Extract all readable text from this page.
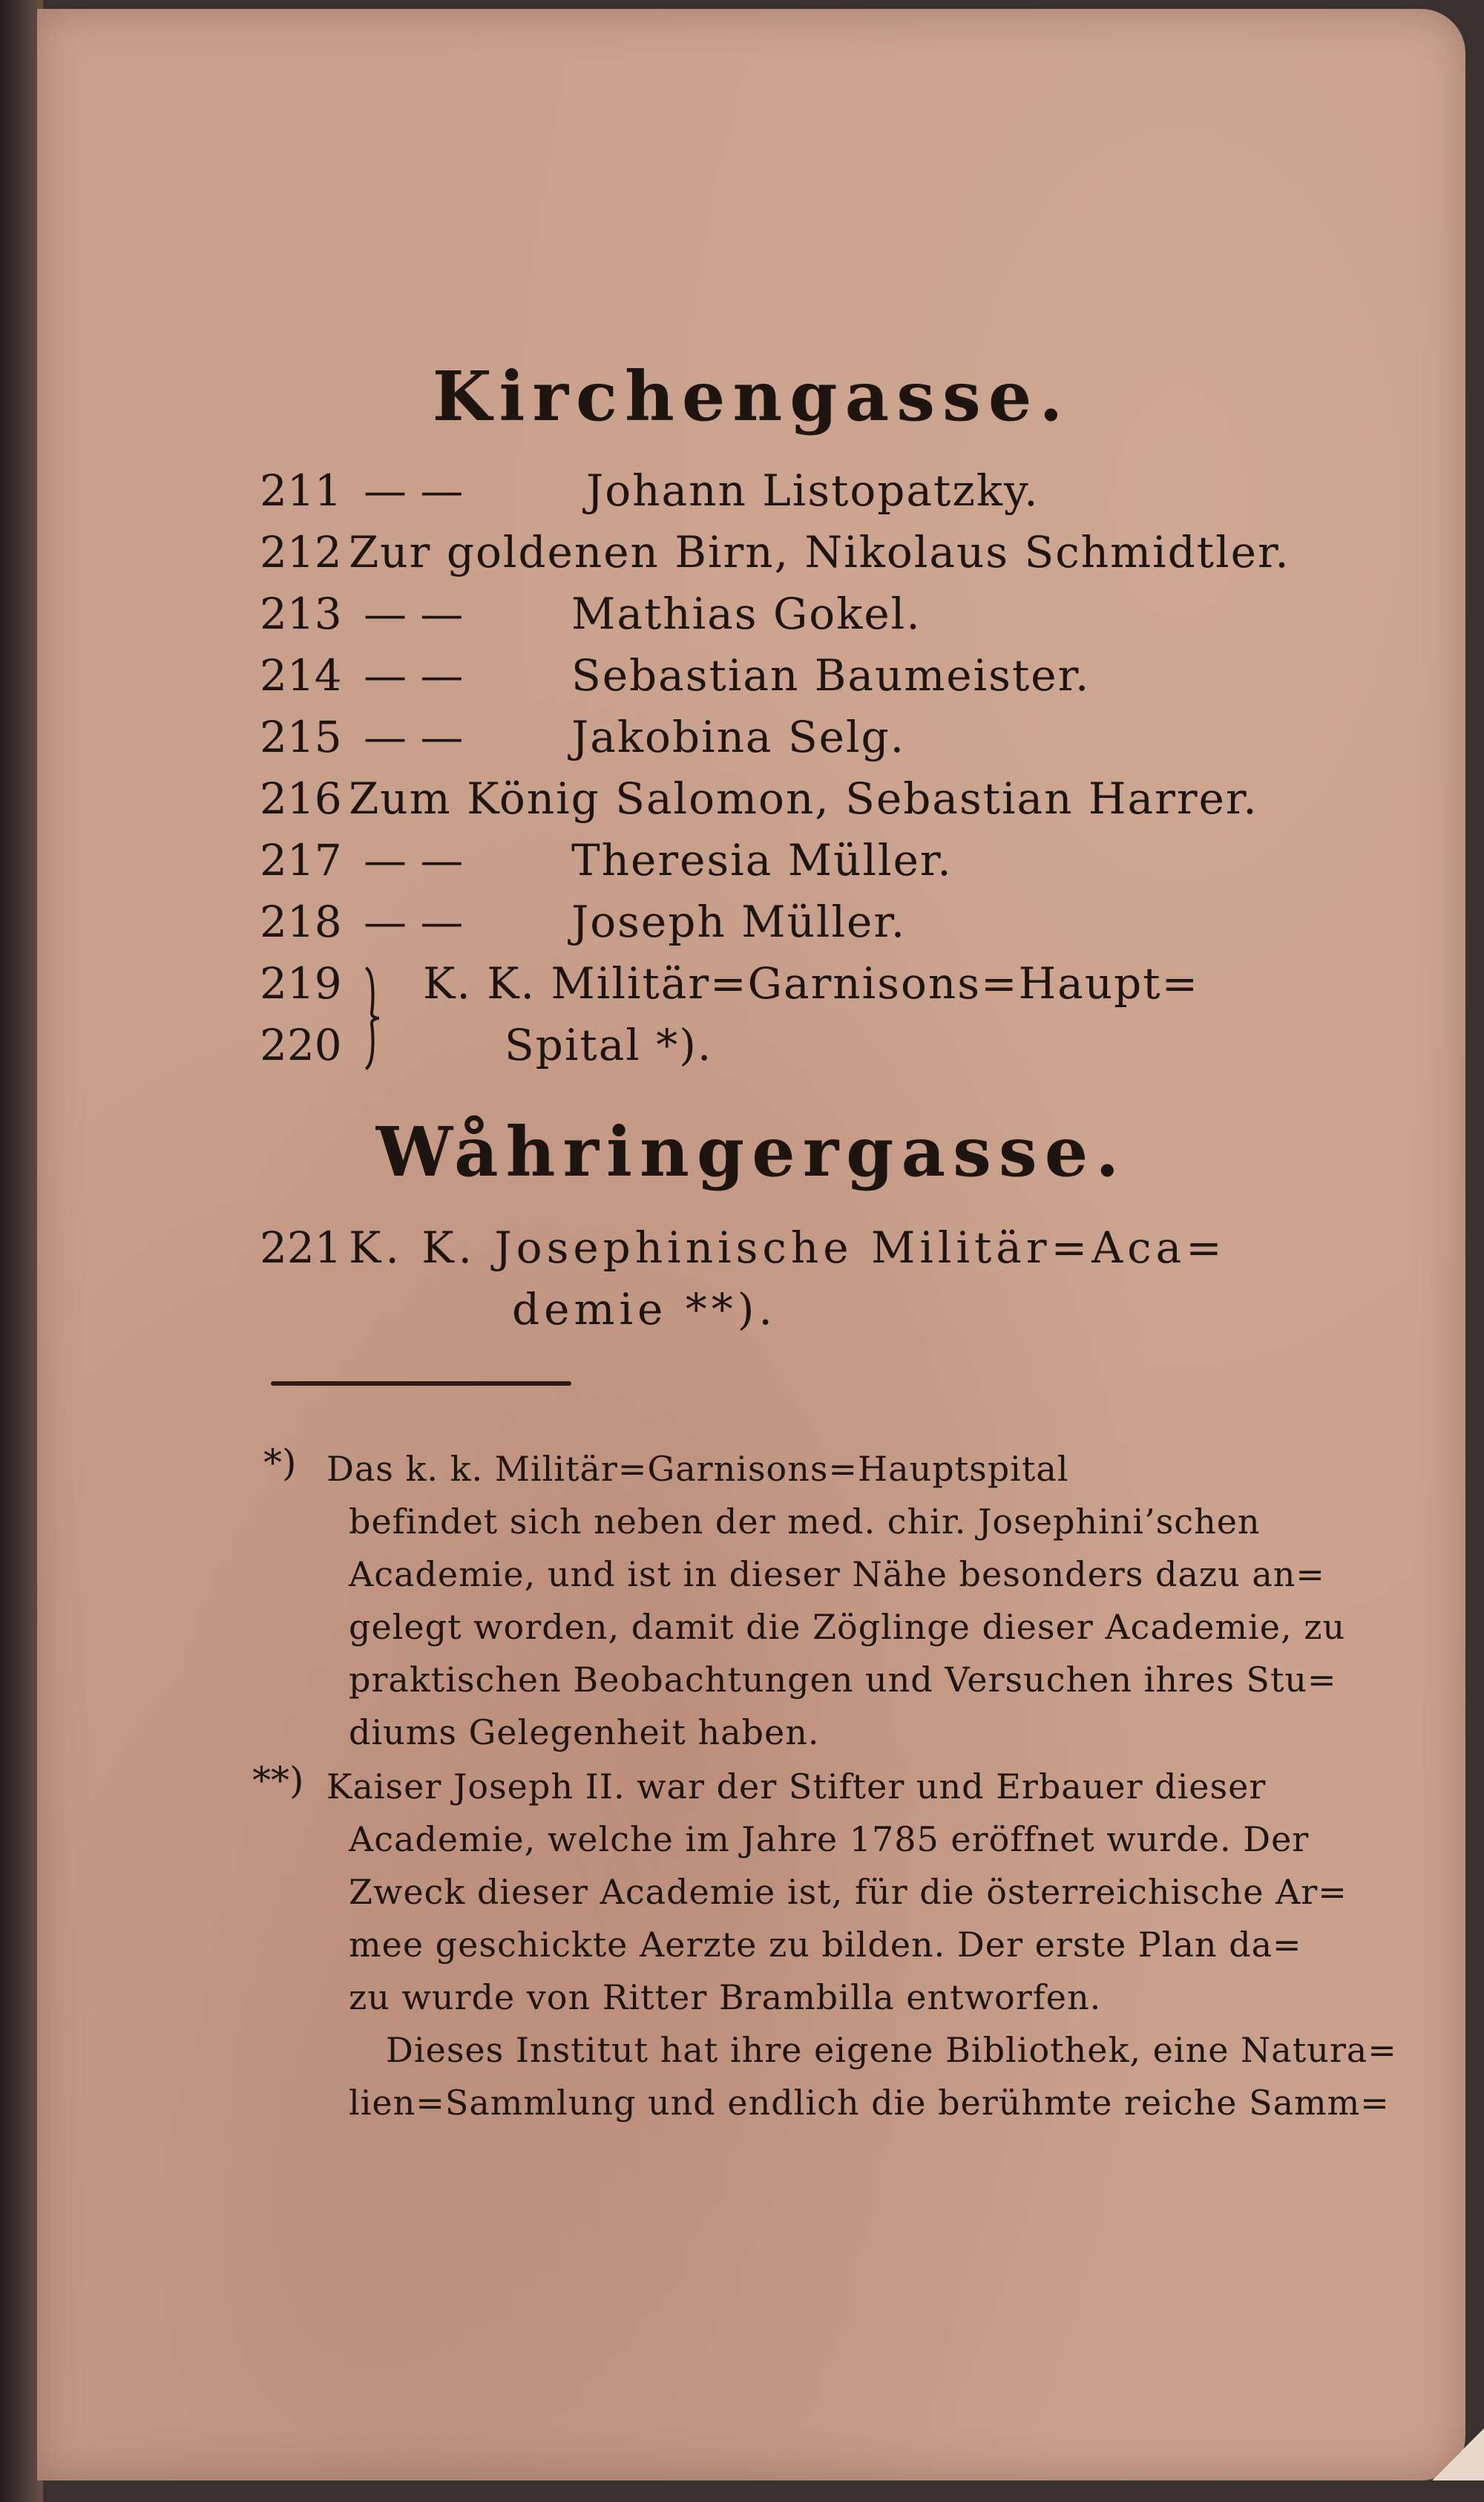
Kirchengasse.
211 — —	Johann Listopatzky.
212 Zur goldenen Birn, Nikolaus Schmidtler.
213 — —	Mathias Gokel.
214 — —	Sebastian Baumeister.
215 — —	Jakobina Selg.
216 Zum König Salomon, Sebastian Harrer.
217 — —	Theresia Müller.
218 — —	Joseph Müller.
219 K. K. Militär=Garnisons=Haupt=
220	Spital *).
Wåhringergasse.
221 K. K. Josephinische Militär=Aca=
demie **).
*) Das k. k. Militär=Garnisons=Hauptspital
befindet sich neben der med. chir. Josephini’schen
Academie, und ist in dieser Nähe besonders dazu an=
gelegt worden, damit die Zöglinge dieser Academie, zu
praktischen Beobachtungen und Versuchen ihres Stu=
diums Gelegenheit haben.
**) Kaiser Joseph II. war der Stifter und Erbauer dieser
Academie, welche im Jahre 1785 eröffnet wurde. Der
Zweck dieser Academie ist, für die österreichische Ar=
mee geschickte Aerzte zu bilden. Der erste Plan da=
zu wurde von Ritter Brambilla entworfen.
Dieses Institut hat ihre eigene Bibliothek, eine Natura=
lien=Sammlung und endlich die berühmte reiche Samm=
